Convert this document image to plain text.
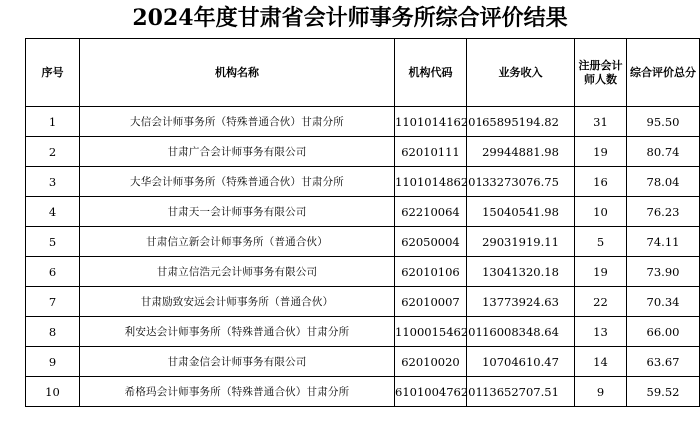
2024年度甘肃省会计师事务所综合评价结果
序号	机构名称	机构代码	业务收入	注册会计师人数	综合评价总分
1	大信会计师事务所（特殊普通合伙）甘肃分所	110101416201	65895194.82	31	95.50
2	甘肃广合会计师事务有限公司	62010111	29944881.98	19	80.74
3	大华会计师事务所（特殊普通合伙）甘肃分所	110101486201	33273076.75	16	78.04
4	甘肃天一会计师事务有限公司	62210064	15040541.98	10	76.23
5	甘肃信立新会计师事务所（普通合伙）	62050004	29031919.11	5	74.11
6	甘肃立信浩元会计师事务有限公司	62010106	13041320.18	19	73.90
7	甘肃励致安远会计师事务所（普通合伙）	62010007	13773924.63	22	70.34
8	利安达会计师事务所（特殊普通合伙）甘肃分所	110001546201	16008348.64	13	66.00
9	甘肃金信会计师事务有限公司	62010020	10704610.47	14	63.67
10	希格玛会计师事务所（特殊普通合伙）甘肃分所	610100476201	13652707.51	9	59.52
